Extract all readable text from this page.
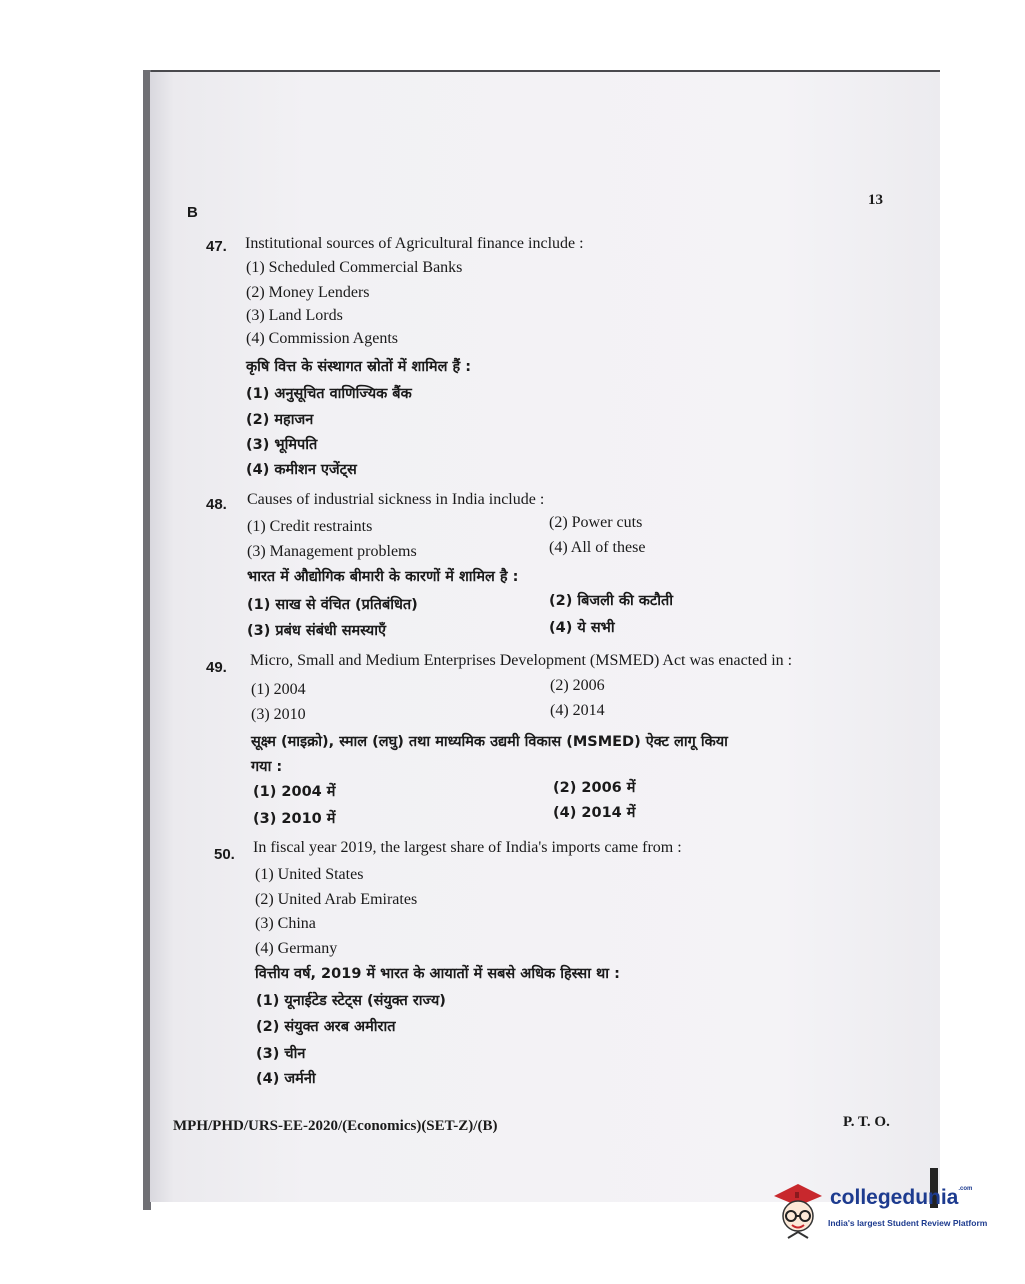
B
13
47. Institutional sources of Agricultural finance include :
(1) Scheduled Commercial Banks
(2) Money Lenders
(3) Land Lords
(4) Commission Agents
कृषि वित्त के संस्थागत स्रोतों में शामिल हैं :
(1) अनुसूचित वाणिज्यिक बैंक
(2) महाजन
(3) भूमिपति
(4) कमीशन एजेंट्स
48. Causes of industrial sickness in India include :
(1) Credit restraints	(2) Power cuts
(3) Management problems	(4) All of these
भारत में औद्योगिक बीमारी के कारणों में शामिल है :
(1) साख से वंचित (प्रतिबंधित)	(2) बिजली की कटौती
(3) प्रबंध संबंधी समस्याएँ	(4) ये सभी
49. Micro, Small and Medium Enterprises Development (MSMED) Act was enacted in :
(1) 2004	(2) 2006
(3) 2010	(4) 2014
सूक्ष्म (माइक्रो), स्माल (लघु) तथा माध्यमिक उद्यमी विकास (MSMED) ऐक्ट लागू किया
गया :
(1) 2004 में	(2) 2006 में
(3) 2010 में	(4) 2014 में
50. In fiscal year 2019, the largest share of India's imports came from :
(1) United States
(2) United Arab Emirates
(3) China
(4) Germany
वित्तीय वर्ष, 2019 में भारत के आयातों में सबसे अधिक हिस्सा था :
(1) यूनाईटेड स्टेट्स (संयुक्त राज्य)
(2) संयुक्त अरब अमीरात
(3) चीन
(4) जर्मनी
MPH/PHD/URS-EE-2020/(Economics)(SET-Z)/(B)	P. T. O.
collegedunia$^{.com}$
India's largest Student Review Platform
